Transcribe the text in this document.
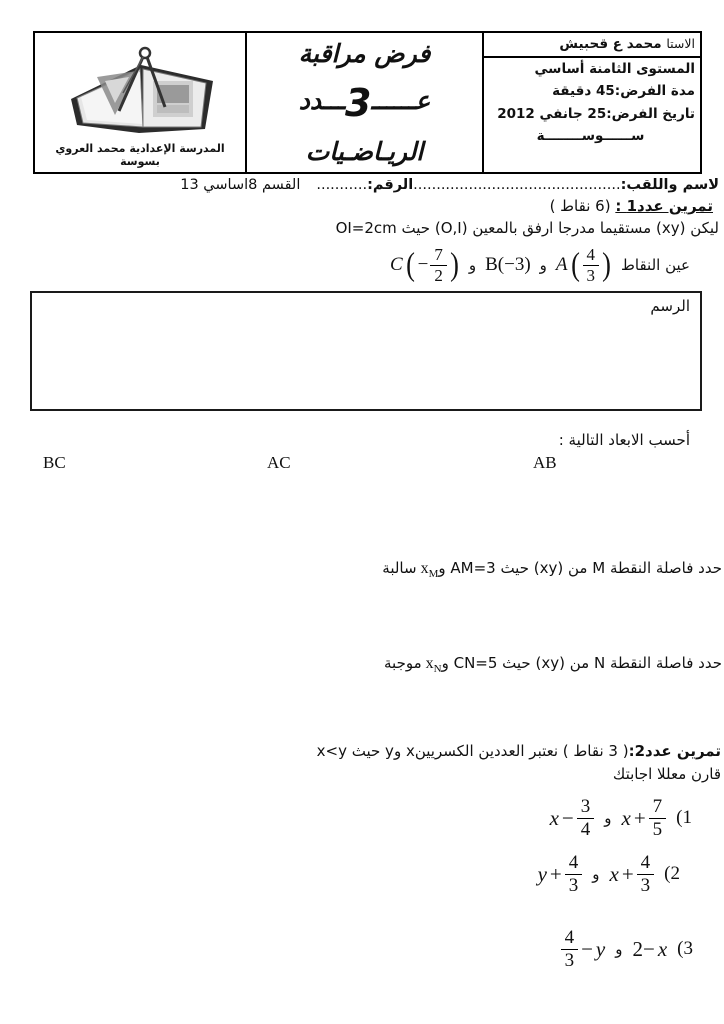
الاستا محمد ع قحبيش
المستوى الثامنة أساسي
مدة الفرض:45 دقيقة
تاريخ الفرض:25 جانفي 2012
ســــــوســــــــة
فرض مراقبة
عــــــ3ـــدد
الريـاضـيات
المدرسة الإعدادية محمد العروي بسوسة
لاسم واللقب:.............................................الرقم:...........القسم 8اساسي 13
تمرين عدد1 : (6 نقاط )
ليكن (xy) مستقيما مدرجا ارفق بالمعين (O,I) حيث OI=2cm
عين النقاط
A ( $\frac{4}{3}$ )
و
B(−3)
و
C ( − $\frac{7}{2}$ )
الرسم
أحسب الابعاد التالية :
AB
AC
BC
حدد فاصلة النقطة M من (xy) حيث AM=3 وx$_M$سالبة
حدد فاصلة النقطة N من (xy) حيث CN=5 وx$_N$موجبة
تمرين عدد2:( 3 نقاط ) نعتبر العددين الكسريينx وy حيث x<y
قارن معللا اجابتك
(1
$x + \frac{7}{5}$
و
$x - \frac{3}{4}$
(2
$x + \frac{4}{3}$
و
$y + \frac{4}{3}$
(3
2− x
و
$\frac{4}{3} - y$
